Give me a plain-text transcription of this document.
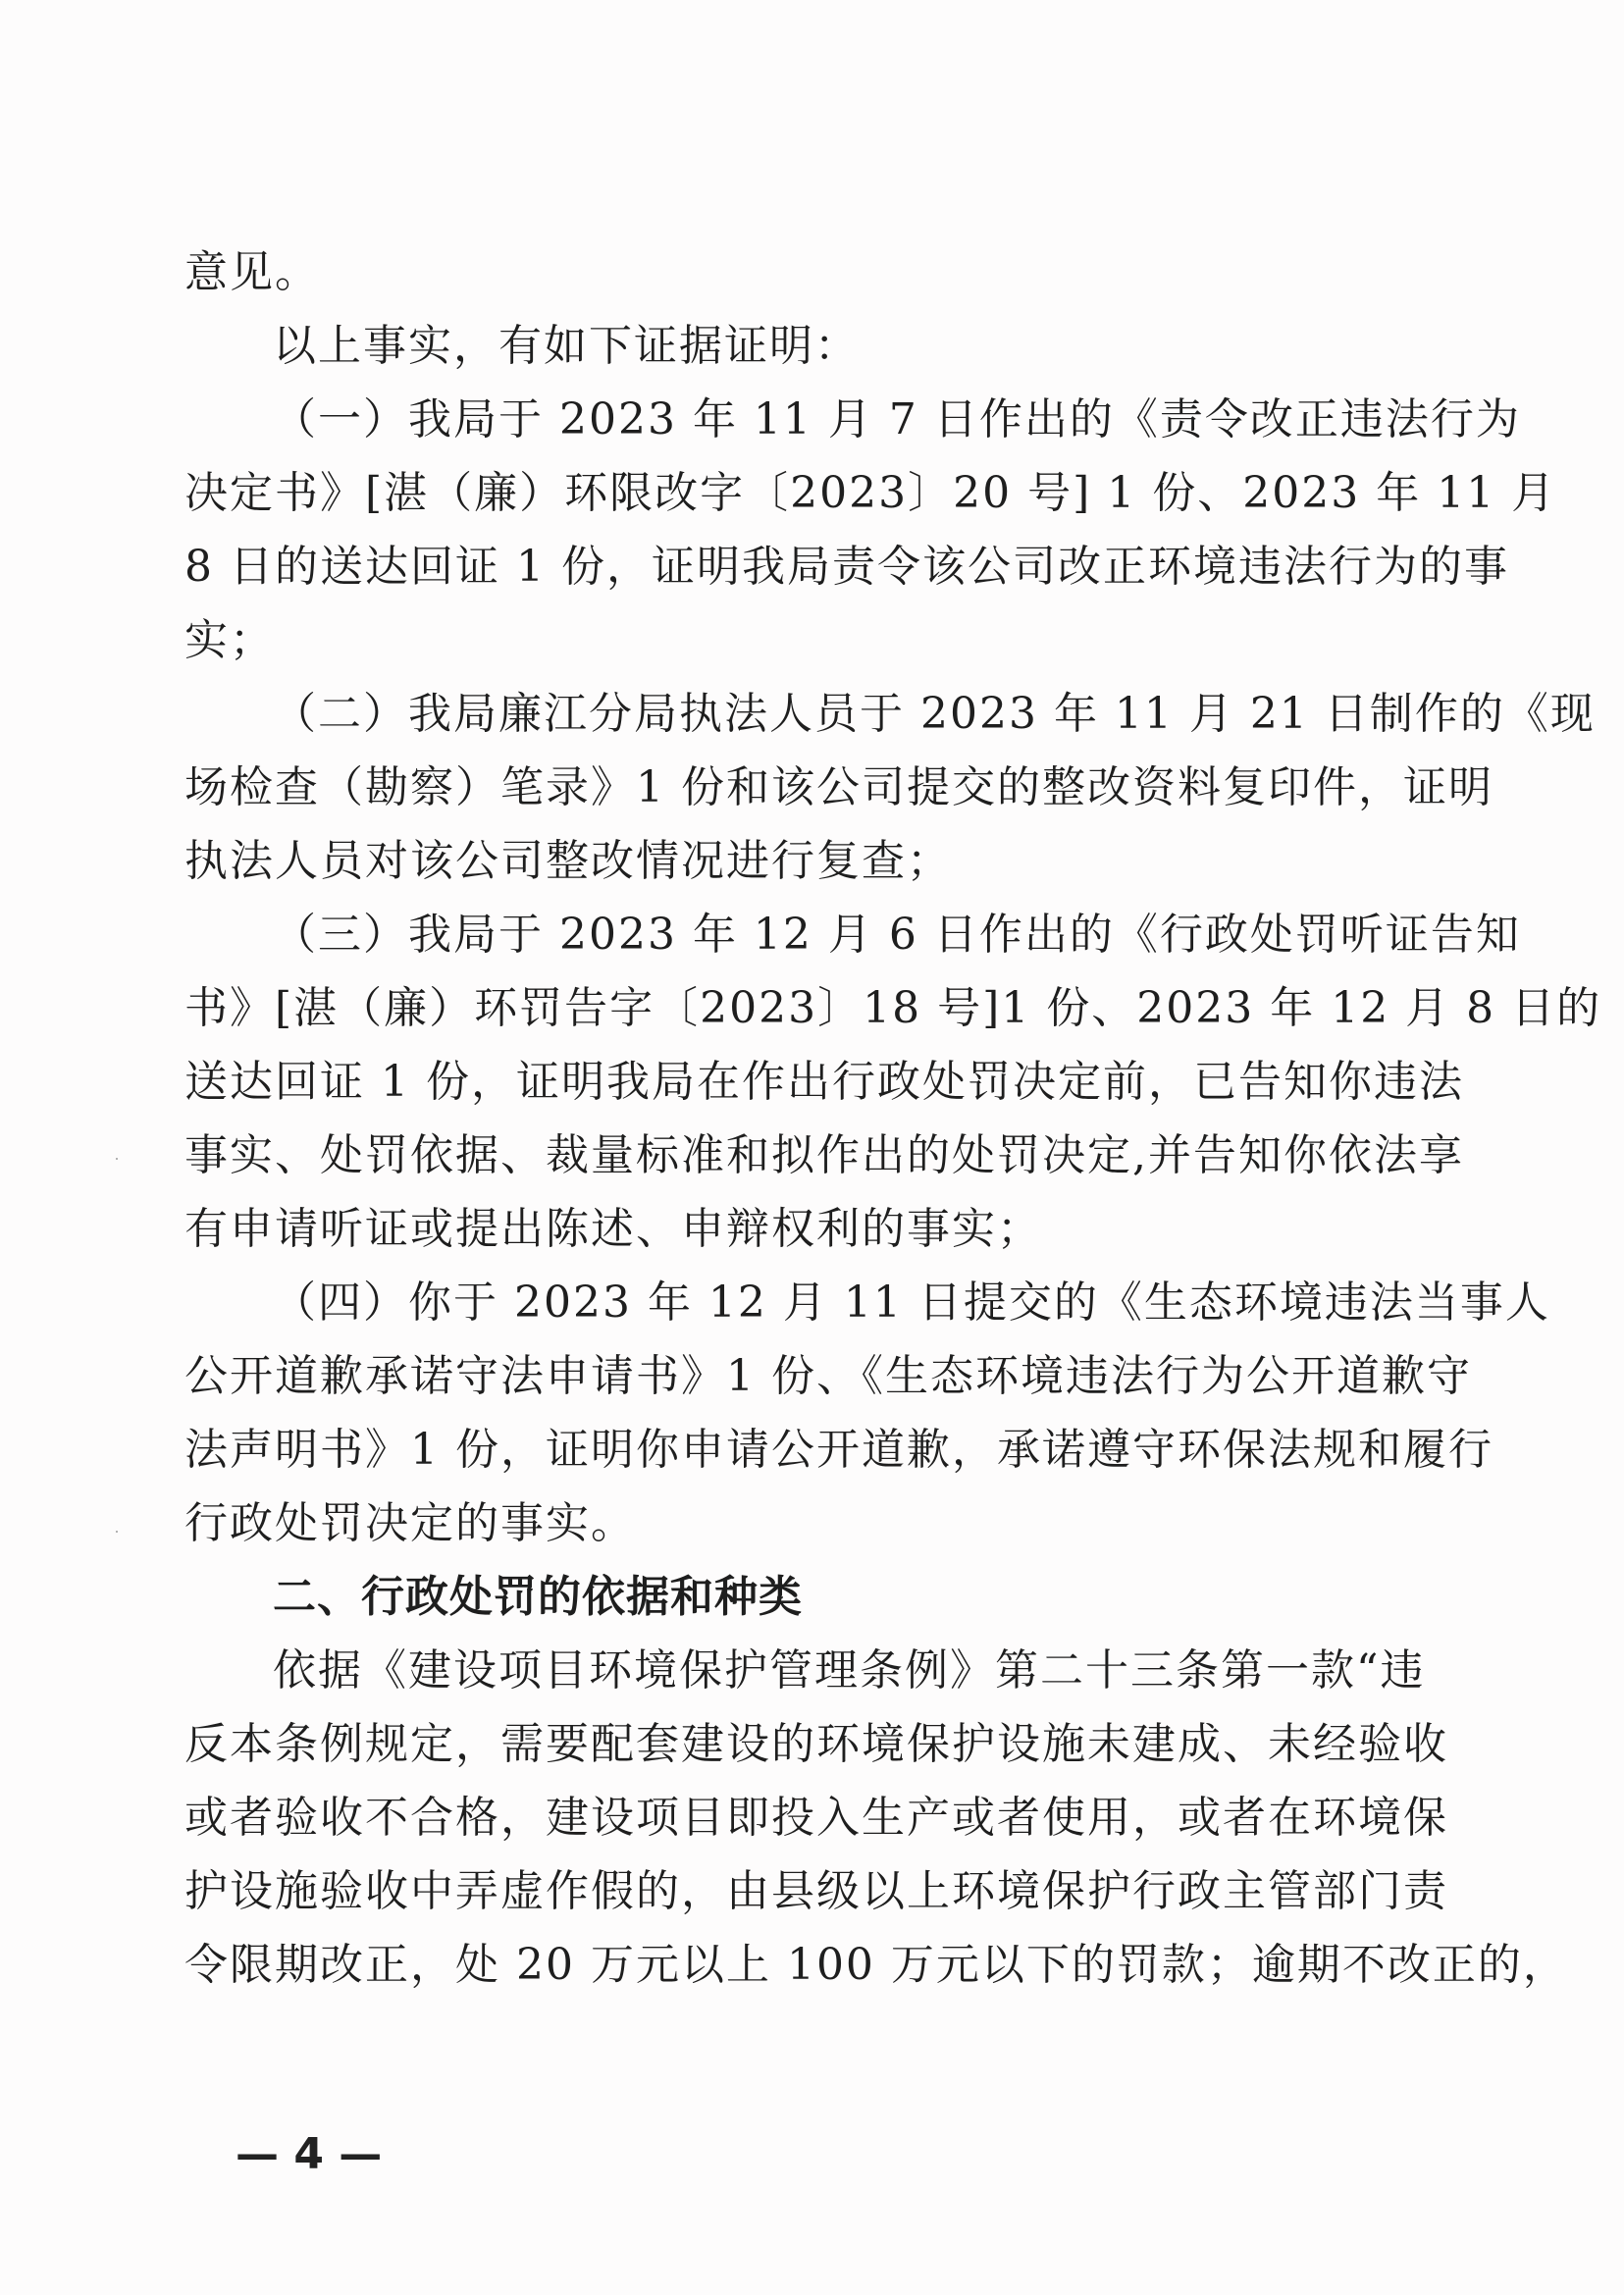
意见。
以上事实，有如下证据证明：
（一）我局于 2023 年 11 月 7 日作出的《责令改正违法行为
决定书》[湛（廉）环限改字〔2023〕20 号] 1 份、2023 年 11 月
8 日的送达回证 1 份，证明我局责令该公司改正环境违法行为的事
实；
（二）我局廉江分局执法人员于 2023 年 11 月 21 日制作的《现
场检查（勘察）笔录》1 份和该公司提交的整改资料复印件，证明
执法人员对该公司整改情况进行复查；
（三）我局于 2023 年 12 月 6 日作出的《行政处罚听证告知
书》[湛（廉）环罚告字〔2023〕18 号]1 份、2023 年 12 月 8 日的
送达回证 1 份，证明我局在作出行政处罚决定前，已告知你违法
事实、处罚依据、裁量标准和拟作出的处罚决定,并告知你依法享
有申请听证或提出陈述、申辩权利的事实；
（四）你于 2023 年 12 月 11 日提交的《生态环境违法当事人
公开道歉承诺守法申请书》1 份、《生态环境违法行为公开道歉守
法声明书》1 份，证明你申请公开道歉，承诺遵守环保法规和履行
行政处罚决定的事实。
二、行政处罚的依据和种类
依据《建设项目环境保护管理条例》第二十三条第一款“违
反本条例规定，需要配套建设的环境保护设施未建成、未经验收
或者验收不合格，建设项目即投入生产或者使用，或者在环境保
护设施验收中弄虚作假的，由县级以上环境保护行政主管部门责
令限期改正，处 20 万元以上 100 万元以下的罚款；逾期不改正的，
— 4 —
